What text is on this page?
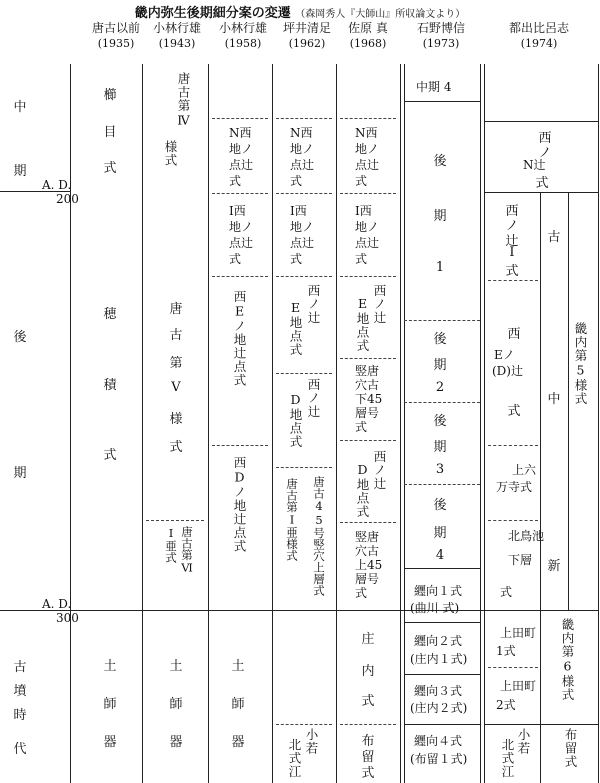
畿内弥生後期細分案の変遷 （森岡秀人『大師山』所収論文より）
唐古以前
(1935)
小林行雄
(1943)
小林行雄
(1958)
坪井清足
(1962)
佐原 真
(1968)
石野博信
(1973)
都出比呂志
(1974)
中
期
後
期
古
墳
時
代
A. D.
200
A. D.
300
櫛
目
式
穂
積
式
土
師
器
唐古第Ⅳ
様式
唐
古
第
Ⅴ
様
式
唐古第Ⅵ
Ⅰ亜式
土
師
器
N西
地ノ
点辻
式
Ⅰ西
地ノ
点辻
式
西Eノ地辻点式
西Dノ地辻点式
土
師
器
N西
地ノ
点辻
式
Ⅰ西
地ノ
点辻
式
E地点式 西ノ辻
D地点式 西ノ辻
唐古第Ⅰ亜様式 唐古45号竪穴上層式
小若
北式江
N西
地ノ
点辻
式
Ⅰ西
地ノ
点辻
式
E地点式 西ノ辻
竪唐
穴古
下45
層号
式
D地点式 西ノ辻
竪唐
穴古
上45
層号
式
庄
内
式
布
留
式
中期 4
後
期
1
後
期
2
後
期
3
後
期
4
纒向１式
(曲川 式)
纒向２式
(庄内１式)
纒向３式
(庄内２式)
纒向４式
(布留１式)
西
ノ
N辻
式
西
ノ
辻
Ⅰ
式
西
Eノ
(D)辻
式
上六
万寺式
北鳥池
下層
式
古
中
新
畿内第5様式
上田町
1式
上田町
2式
畿内第6様式
小若
北式江	布留式
